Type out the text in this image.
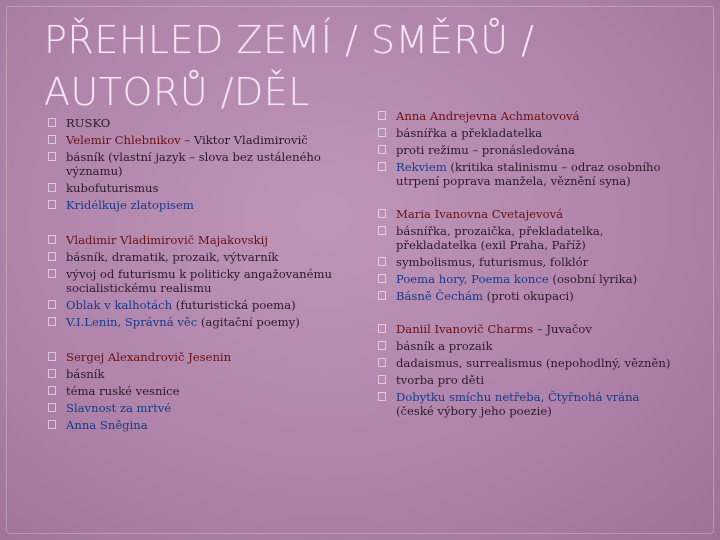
PŘEHLED ZEMÍ / SMĚRŮ / AUTORŮ /DĚL
RUSKO
Velemir Chlebnikov – Viktor Vladimirovič
básník (vlastní jazyk – slova bez ustáleného významu)
kubofuturismus
Kridélkuje zlatopisem
Vladimir Vladimirovič Majakovskij
básník, dramatik, prozaik, výtvarník
vývoj od futurismu k politicky angažovanému socialistickému realismu
Oblak v kalhotách (futuristická poema)
V.I.Lenin, Správná věc (agitační poemy)
Sergej Alexandrovič Jesenin
básník
téma ruské vesnice
Slavnost za mrtvé
Anna Sněgina
Anna Andrejevna Achmatovová
básnířka a překladatelka
proti režimu – pronásledována
Rekviem (kritika stalinismu – odraz osobního utrpení poprava manžela, věznění syna)
Maria Ivanovna Cvetajevová
básnířka, prozaička, překladatelka, překladatelka (exil Praha, Paříž)
symbolismus, futurismus, folklór
Poema hory, Poema konce (osobní lyrika)
Básně Čechám (proti okupaci)
Daniil Ivanovič Charms – Juvačov
básník a prozaik
dadaismus, surrealismus (nepohodlný, vězněn)
tvorba pro děti
Dobytku smíchu netřeba, Čtyřnohá vrána (české výbory jeho poezie)
